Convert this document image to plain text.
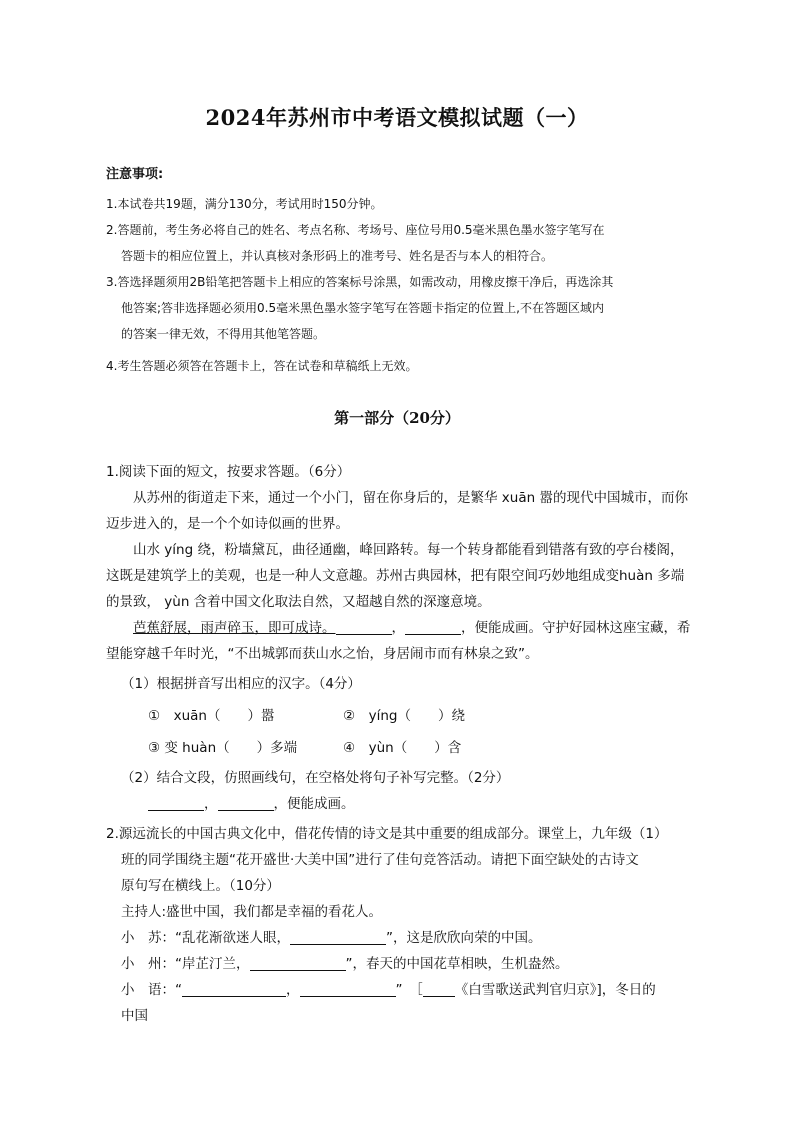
2024年苏州市中考语文模拟试题（一）
注意事项:
1.本试卷共19题，满分130分，考试用时150分钟。
2.答题前，考生务必将自己的姓名、考点名称、考场号、座位号用0.5毫米黑色墨水签字笔写在
答题卡的相应位置上，并认真核对条形码上的准考号、姓名是否与本人的相符合。
3.答选择题须用2B铅笔把答题卡上相应的答案标号涂黑，如需改动，用橡皮擦干净后，再选涂其
他答案;答非选择题必须用0.5毫米黑色墨水签字笔写在答题卡指定的位置上,不在答题区域内
的答案一律无效，不得用其他笔答题。
4.考生答题必须答在答题卡上，答在试卷和草稿纸上无效。
第一部分（20分）
1.阅读下面的短文，按要求答题。（6分）
从苏州的街道走下来，通过一个小门，留在你身后的，是繁华 xuān 嚣的现代中国城市，而你迈步进入的，是一个个如诗似画的世界。
山水 yíng 绕，粉墙黛瓦，曲径通幽，峰回路转。每一个转身都能看到错落有致的亭台楼阁，这既是建筑学上的美观，也是一种人文意趣。苏州古典园林，把有限空间巧妙地组成变huàn 多端的景致， yùn 含着中国文化取法自然，又超越自然的深邃意境。
芭蕉舒展，雨声碎玉，即可成诗。	，	，便能成画。守护好园林这座宝藏，希望能穿越千年时光，“不出城郭而获山水之怡，身居闹市而有林泉之致”。
（1）根据拼音写出相应的汉字。（4分）
①　xuān（　　）嚣	②　yíng（　　）绕
③ 变 huàn（　　）多端	④　yùn（　　）含
（2）结合文段，仿照画线句，在空格处将句子补写完整。（2分）
，	，便能成画。
2.源远流长的中国古典文化中，借花传情的诗文是其中重要的组成部分。课堂上，九年级（1）
班的同学围绕主题“花开盛世·大美中国”进行了佳句竞答活动。请把下面空缺处的古诗文
原句写在横线上。（10分）
主持人:盛世中国，我们都是幸福的看花人。
小　苏：“乱花渐欲迷人眼，	”，这是欣欣向荣的中国。
小　州：“岸芷汀兰，	”，春天的中国花草相映，生机盎然。
小　语：“	，	”　［ 《白雪歌送武判官归京》]，冬日的
中国
